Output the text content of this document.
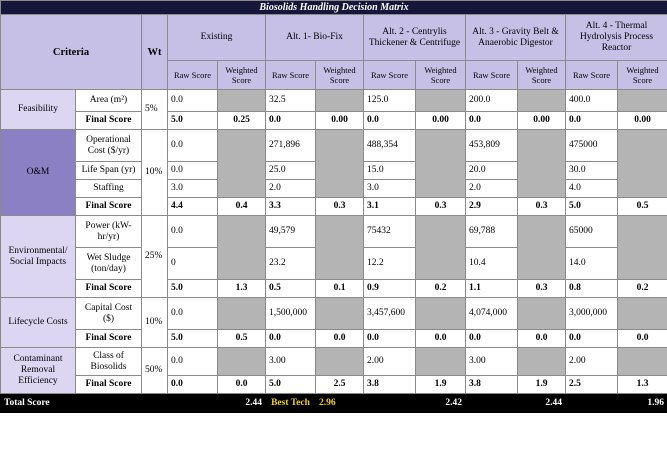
Biosolids Handling Decision Matrix												
Criteria		Wt	Existing		Alt. 1- Bio-Fix		Alt. 2 - Centrylis Thickener & Centrifuge		Alt. 3 - Gravity Belt & Anaerobic Digestor		Alt. 4 - Thermal Hydrolysis Process Reactor	
			Raw Score	Weighted Score	Raw Score	Weighted Score	Raw Score	Weighted Score	Raw Score	Weighted Score	Raw Score	Weighted Score
Feasibility	Area (m²)	5%	0.0		32.5		125.0		200.0		400.0	
	Final Score		5.0	0.25	0.0	0.00	0.0	0.00	0.0	0.00	0.0	0.00
O&M	Operational Cost ($/yr)	10%	0.0		271,896		488,354		453,809		475000	
	Life Span (yr)		0.0		25.0		15.0		20.0		30.0	
	Staffing		3.0		2.0		3.0		2.0		4.0	
	Final Score		4.4	0.4	3.3	0.3	3.1	0.3	2.9	0.3	5.0	0.5
Environmental/ Social Impacts	Power (kW-hr/yr)	25%	0.0		49,579		75432		69,788		65000	
	Wet Sludge (ton/day)		0		23.2		12.2		10.4		14.0	
	Final Score		5.0	1.3	0.5	0.1	0.9	0.2	1.1	0.3	0.8	0.2
Lifecycle Costs	Capital Cost ($)	10%	0.0		1,500,000		3,457,600		4,074,000		3,000,000	
	Final Score		5.0	0.5	0.0	0.0	0.0	0.0	0.0	0.0	0.0	0.0
Contaminant Removal Efficiency	Class of Biosolids	50%	0.0		3.00		2.00		3.00		2.00	
	Final Score		0.0	0.0	5.0	2.5	3.8	1.9	3.8	1.9	2.5	1.3
Total Score				2.44	Best Tech	2.96		2.42		2.44		1.96
